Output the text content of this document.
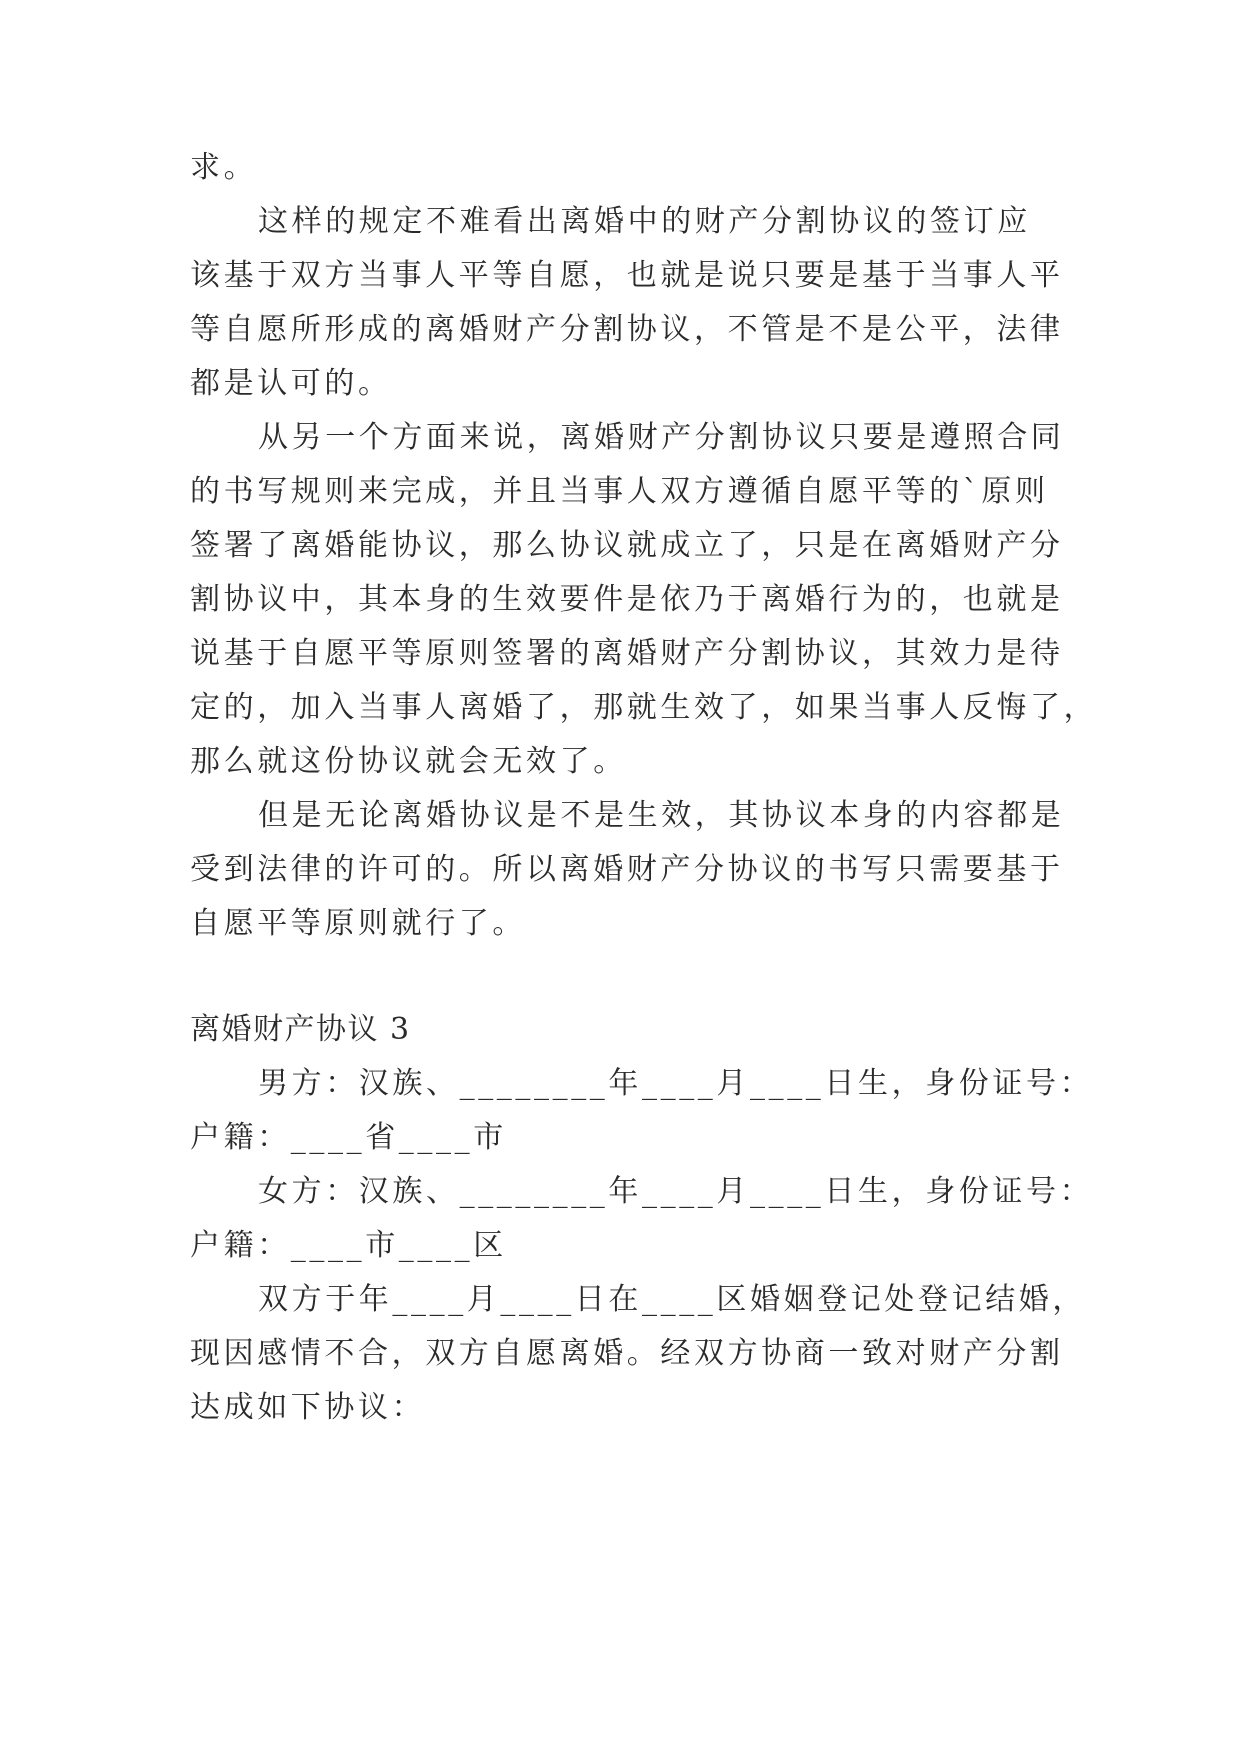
求。
这样的规定不难看出离婚中的财产分割协议的签订应
该基于双方当事人平等自愿，也就是说只要是基于当事人平
等自愿所形成的离婚财产分割协议，不管是不是公平，法律
都是认可的。
从另一个方面来说，离婚财产分割协议只要是遵照合同
的书写规则来完成，并且当事人双方遵循自愿平等的`原则
签署了离婚能协议，那么协议就成立了，只是在离婚财产分
割协议中，其本身的生效要件是依乃于离婚行为的，也就是
说基于自愿平等原则签署的离婚财产分割协议，其效力是待
定的，加入当事人离婚了，那就生效了，如果当事人反悔了，
那么就这份协议就会无效了。
但是无论离婚协议是不是生效，其协议本身的内容都是
受到法律的许可的。所以离婚财产分协议的书写只需要基于
自愿平等原则就行了。
离婚财产协议 3
男方：汉族、________年____月____日生，身份证号：
户籍：____省____市
女方：汉族、________年____月____日生，身份证号：
户籍：____市____区
双方于年____月____日在____区婚姻登记处登记结婚，
现因感情不合，双方自愿离婚。经双方协商一致对财产分割
达成如下协议：
